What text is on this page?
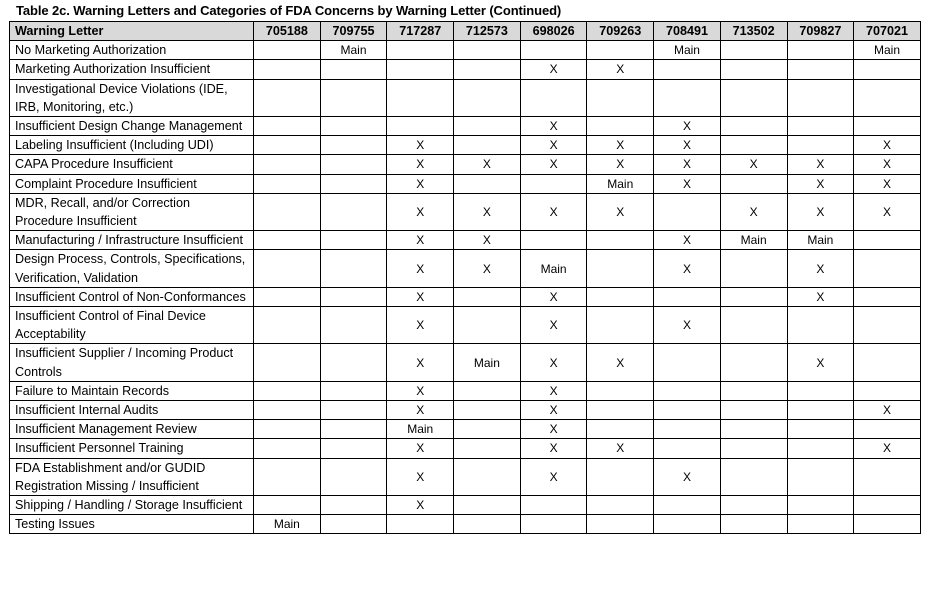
Table 2c. Warning Letters and Categories of FDA Concerns by Warning Letter (Continued)
Warning Letter	705188	709755	717287	712573	698026	709263	708491	713502	709827	707021
No Marketing Authorization		Main					Main			Main
Marketing Authorization Insufficient					X	X				
Investigational Device Violations (IDE, IRB, Monitoring, etc.)										
Insufficient Design Change Management					X		X			
Labeling Insufficient (Including UDI)			X		X	X	X			X
CAPA Procedure Insufficient			X	X	X	X	X	X	X	X
Complaint Procedure Insufficient			X			Main	X		X	X
MDR, Recall, and/or Correction Procedure Insufficient			X	X	X	X		X	X	X
Manufacturing / Infrastructure Insufficient			X	X			X	Main	Main	
Design Process, Controls, Specifications, Verification, Validation			X	X	Main		X		X	
Insufficient Control of Non-Conformances			X		X				X	
Insufficient Control of Final Device Acceptability			X		X		X			
Insufficient Supplier / Incoming Product Controls			X	Main	X	X			X	
Failure to Maintain Records			X		X					
Insufficient Internal Audits			X		X					X
Insufficient Management Review			Main		X					
Insufficient Personnel Training			X		X	X				X
FDA Establishment and/or GUDID Registration Missing / Insufficient			X		X		X			
Shipping / Handling / Storage Insufficient			X							
Testing Issues	Main									
